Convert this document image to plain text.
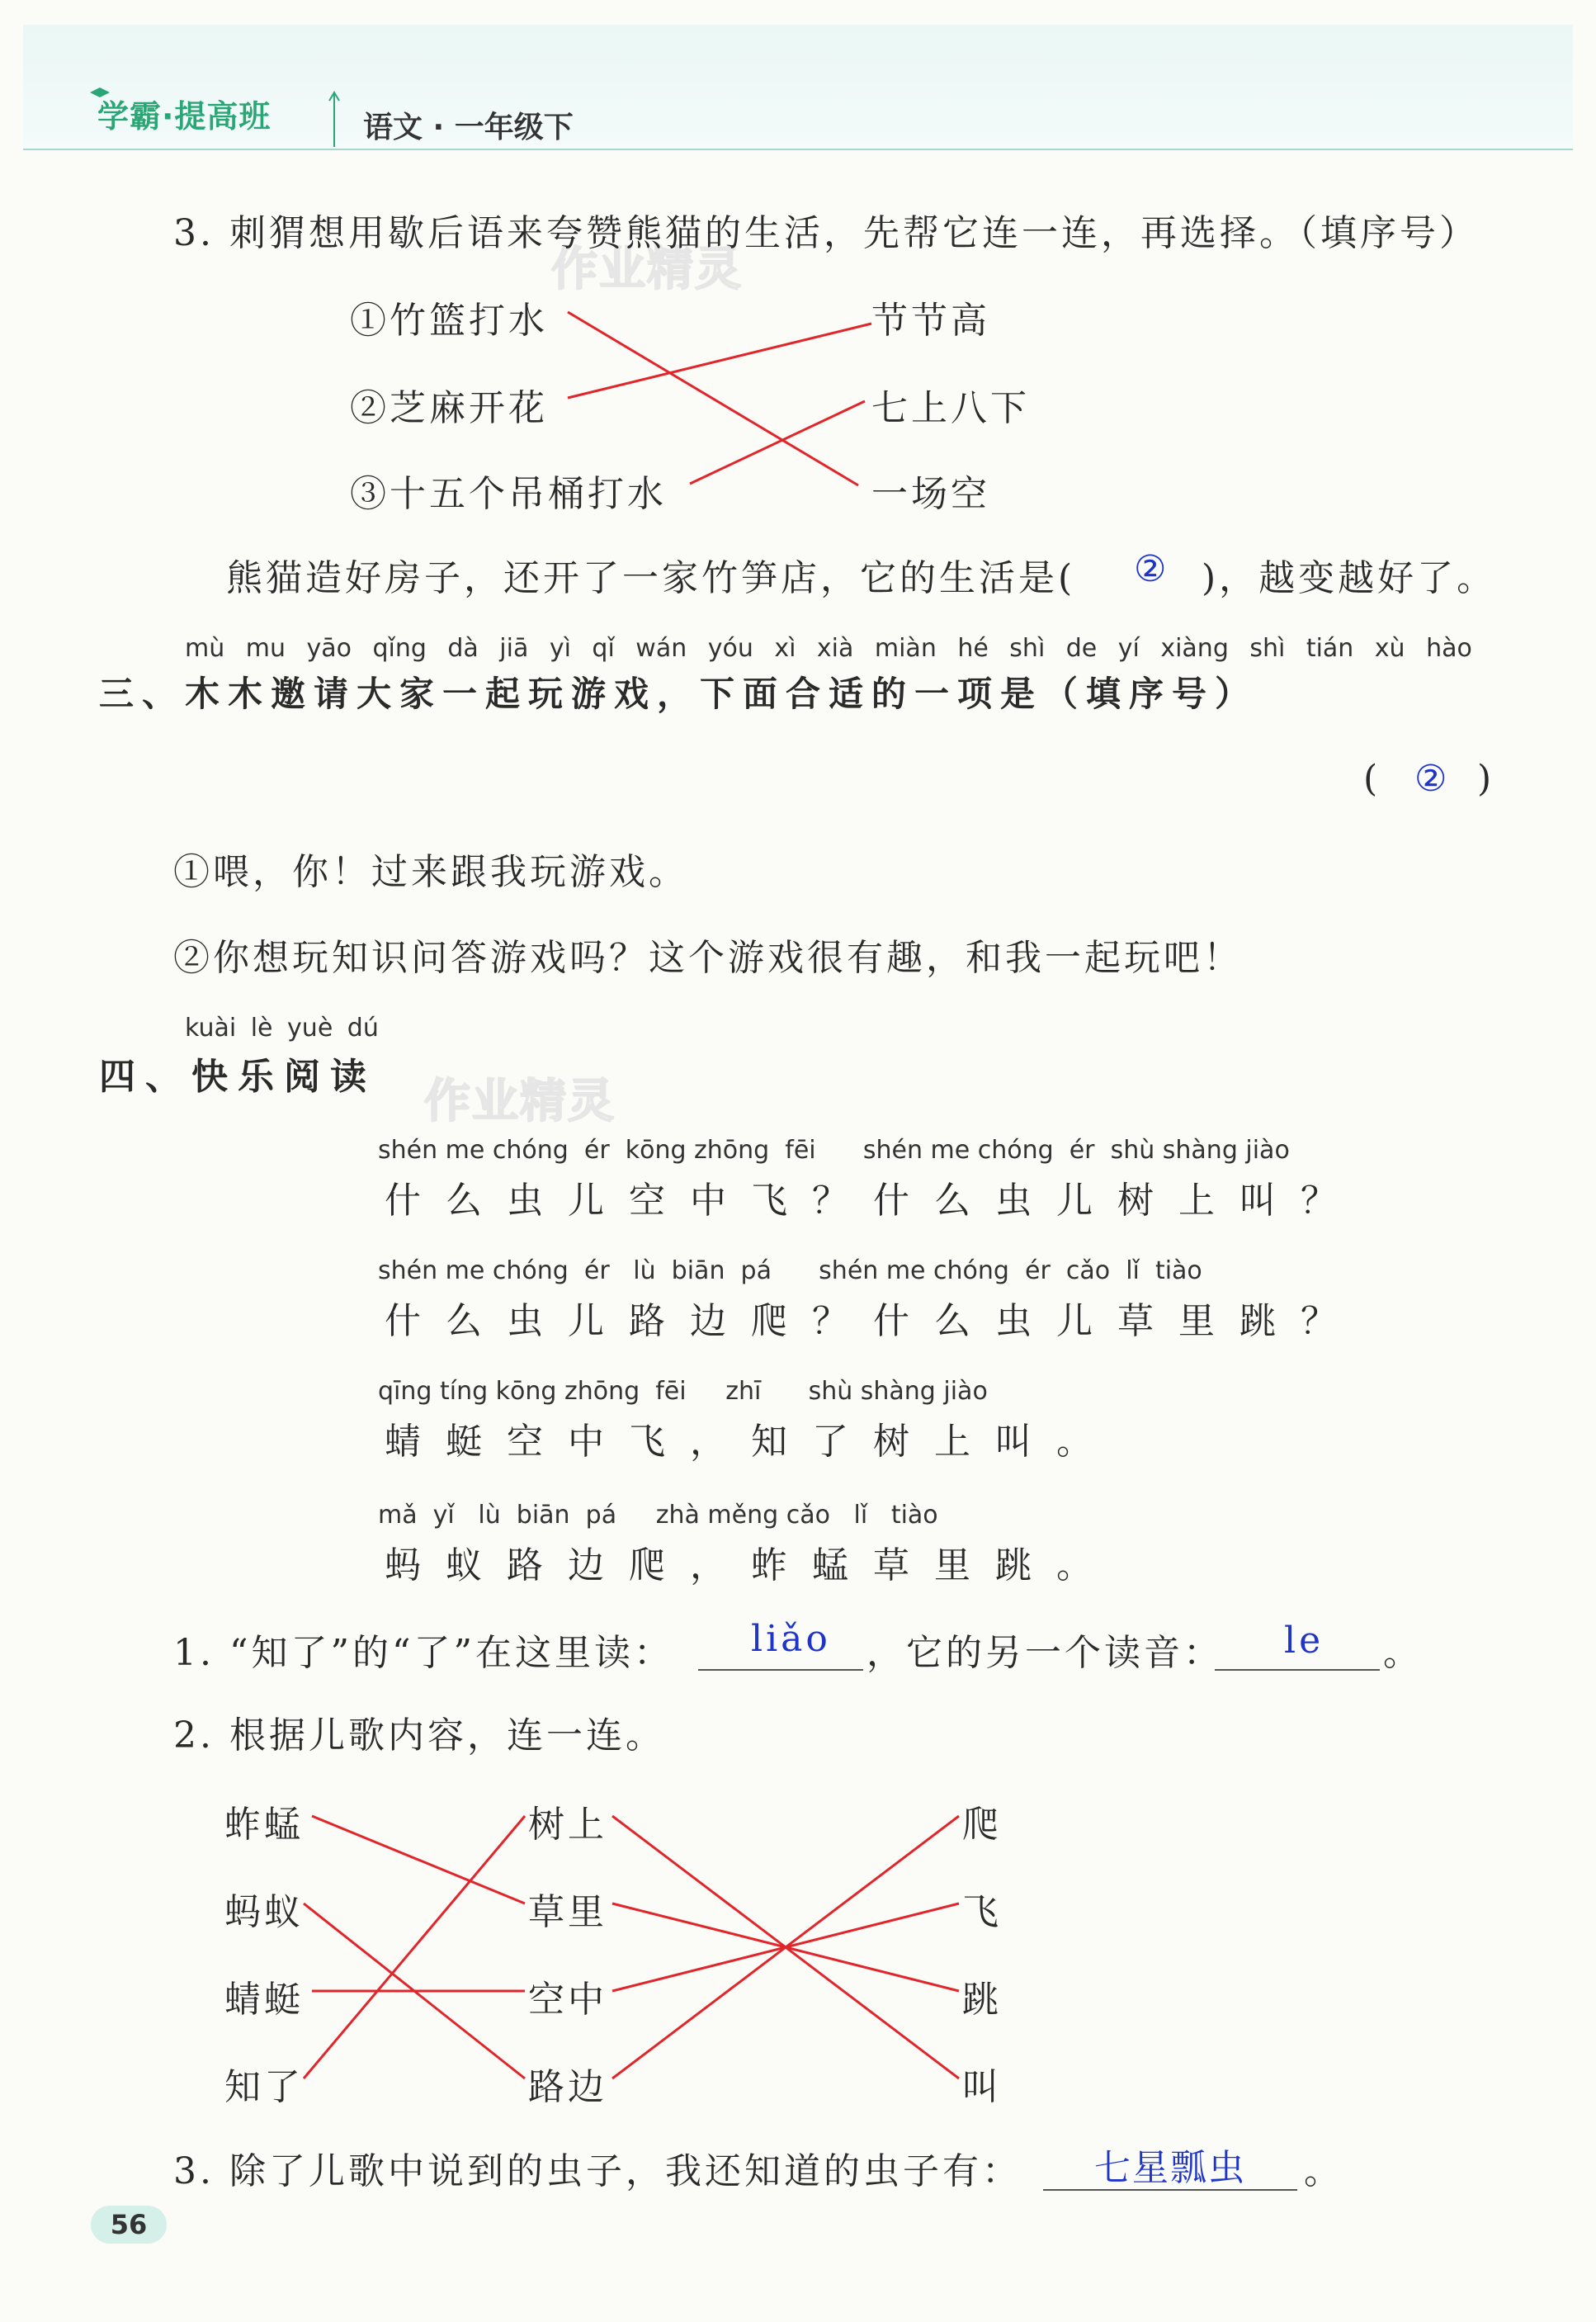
学霸·提高班	语文 · 一年级下
作业精灵
作业精灵
3. 刺猬想用歇后语来夸赞熊猫的生活，先帮它连一连，再选择。（填序号）
①竹篮打水
②芝麻开花
③十五个吊桶打水
节节高
七上八下
一场空
熊猫造好房子，还开了一家竹笋店，它的生活是( ② )，越变越好了。
mù mu yāo qǐng dà jiā yì qǐ wán yóu xì xià miàn hé shì de yí xiàng shì tián xù hào
三、木木邀请大家一起玩游戏，下面合适的一项是（填序号）
( ② )
①喂，你！过来跟我玩游戏。
②你想玩知识问答游戏吗？这个游戏很有趣，和我一起玩吧！
kuài lè yuè dú
四、快乐阅读
shén me chóng  ér  kōng zhōng  fēi      shén me chóng  ér  shù shàng jiào
什么虫儿空中飞？什么虫儿树上叫？
shén me chóng  ér   lù  biān  pá      shén me chóng  ér  cǎo  lǐ  tiào
什么虫儿路边爬？什么虫儿草里跳？
qīng tíng kōng zhōng  fēi     zhī      shù shàng jiào
蜻蜓空中飞，知了树上叫。
mǎ  yǐ   lù  biān  pá     zhà měng cǎo   lǐ   tiào
蚂蚁路边爬，蚱蜢草里跳。
1. “知了”的“了”在这里读： liǎo ，它的另一个读音： le 。
2. 根据儿歌内容，连一连。
蚱蜢
蚂蚁
蜻蜓
知了
树上
草里
空中
路边
爬
飞
跳
叫
3. 除了儿歌中说到的虫子，我还知道的虫子有： 七星瓢虫 。
56
